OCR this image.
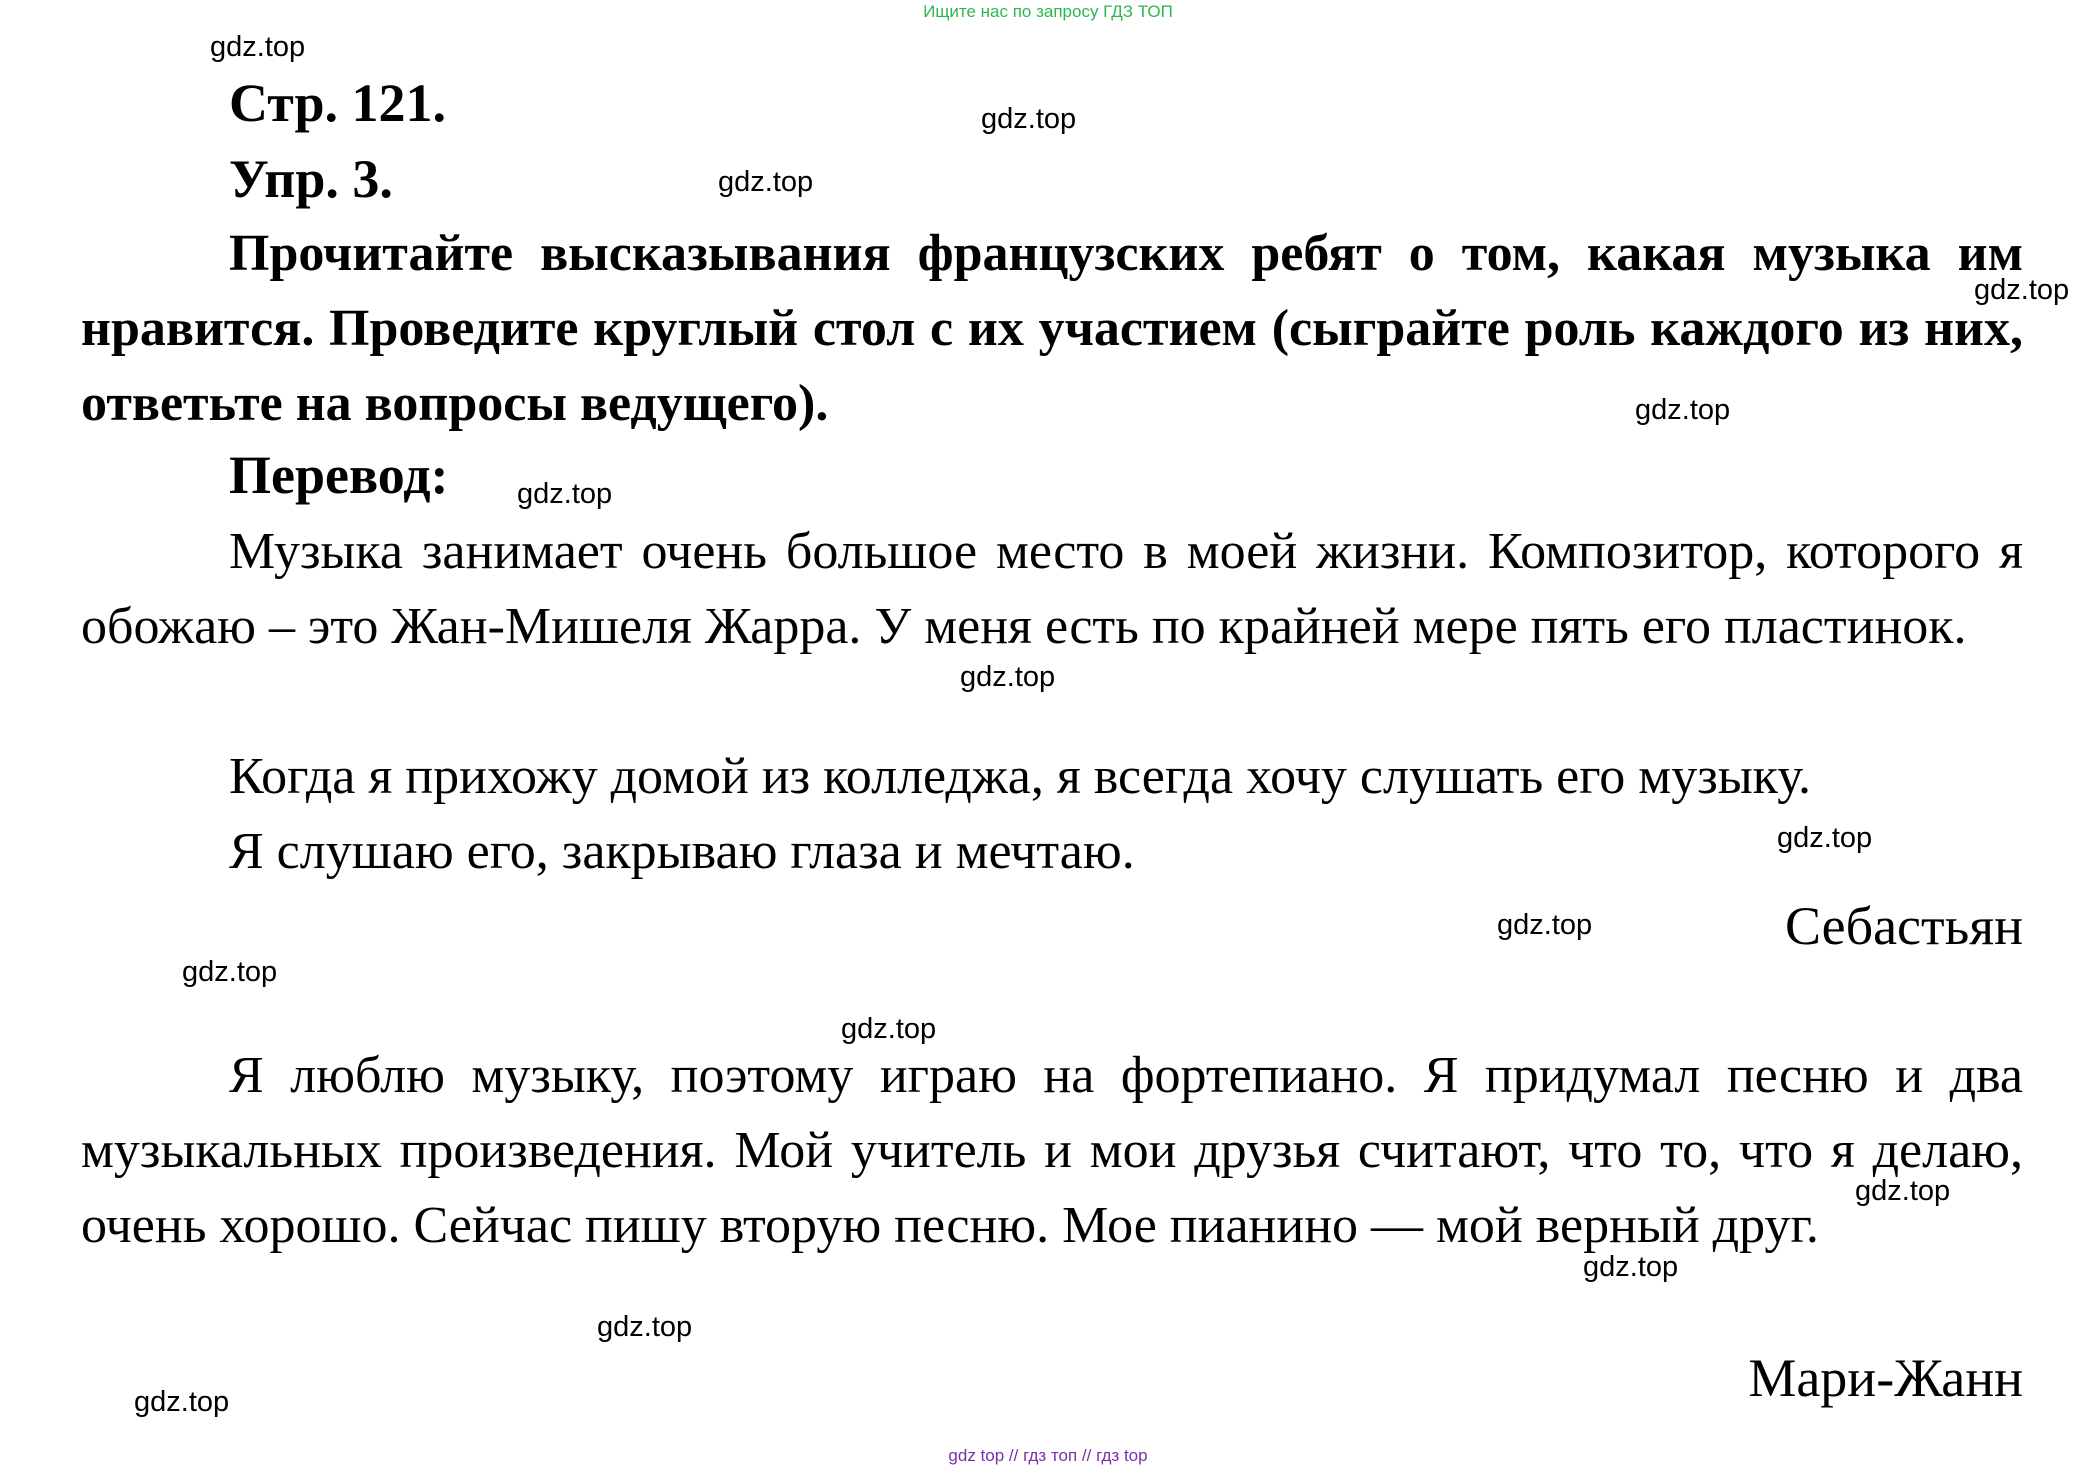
Ищите нас по запросу ГДЗ ТОП
Стр. 121.
Упр. 3.

Прочитайте высказывания французских ребят о том, какая музыка им нравится. Проведите круглый стол с их участием (сыграйте роль каждого из них, ответьте на вопросы ведущего).

Перевод:

Музыка занимает очень большое место в моей жизни. Композитор, которого я обожаю – это Жан-Мишеля Жарра. У меня есть по крайней мере пять его пластинок.

Когда я прихожу домой из колледжа, я всегда хочу слушать его музыку.
Я слушаю его, закрываю глаза и мечтаю.
Себастьян

Я люблю музыку, поэтому играю на фортепиано. Я придумал песню и два музыкальных произведения. Мой учитель и мои друзья считают, что то, что я делаю, очень хорошо. Сейчас пишу вторую песню. Мое пианино — мой верный друг.

Мари-Жанн
gdz.top
gdz.top
gdz.top
gdz.top
gdz.top
gdz.top
gdz.top
gdz.top
gdz.top
gdz.top
gdz.top
gdz.top
gdz.top
gdz.top
gdz.top
gdz top // гдз топ // гдз top
